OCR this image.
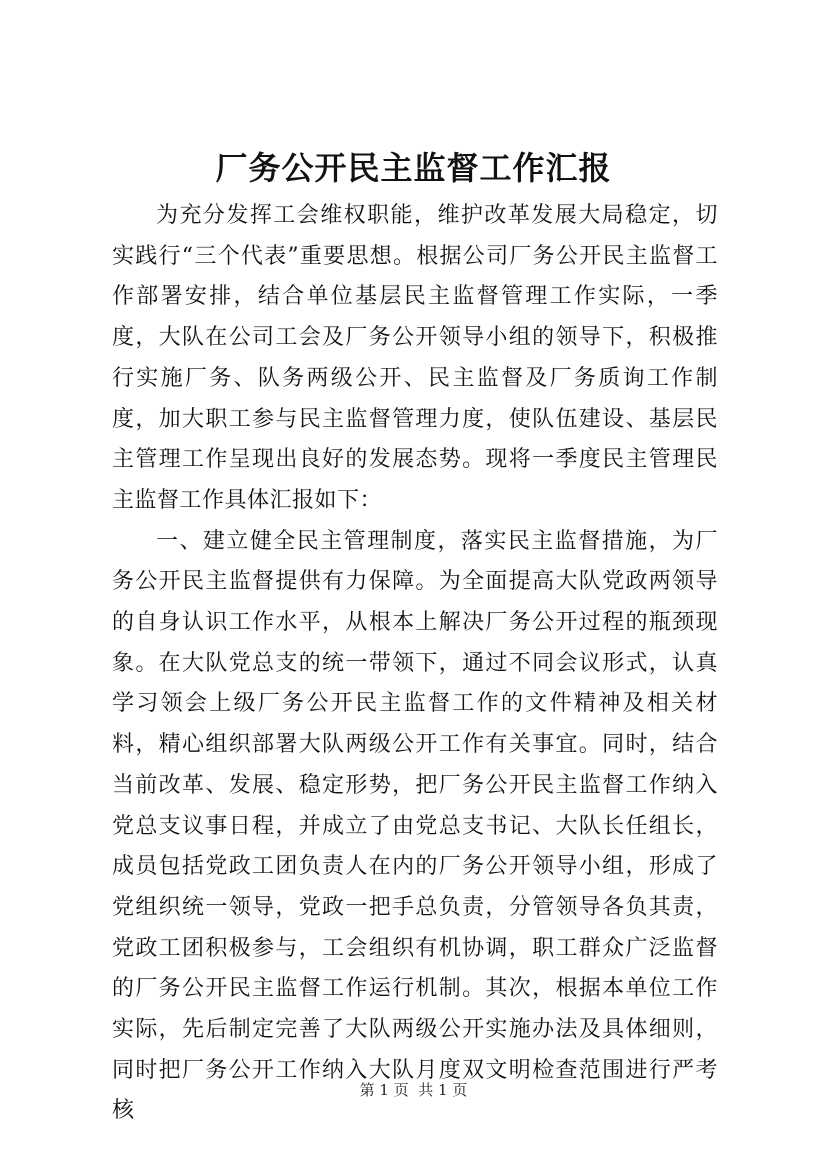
厂务公开民主监督工作汇报

为充分发挥工会维权职能，维护改革发展大局稳定，切实践行“三个代表”重要思想。根据公司厂务公开民主监督工作部署安排，结合单位基层民主监督管理工作实际，一季度，大队在公司工会及厂务公开领导小组的领导下，积极推行实施厂务、队务两级公开、民主监督及厂务质询工作制度，加大职工参与民主监督管理力度，使队伍建设、基层民主管理工作呈现出良好的发展态势。现将一季度民主管理民主监督工作具体汇报如下：

一、建立健全民主管理制度，落实民主监督措施，为厂务公开民主监督提供有力保障。为全面提高大队党政两领导的自身认识工作水平，从根本上解决厂务公开过程的瓶颈现象。在大队党总支的统一带领下，通过不同会议形式，认真学习领会上级厂务公开民主监督工作的文件精神及相关材料，精心组织部署大队两级公开工作有关事宜。同时，结合当前改革、发展、稳定形势，把厂务公开民主监督工作纳入党总支议事日程，并成立了由党总支书记、大队长任组长，成员包括党政工团负责人在内的厂务公开领导小组，形成了党组织统一领导，党政一把手总负责，分管领导各负其责，党政工团积极参与，工会组织有机协调，职工群众广泛监督的厂务公开民主监督工作运行机制。其次，根据本单位工作实际，先后制定完善了大队两级公开实施办法及具体细则，同时把厂务公开工作纳入大队月度双文明检查范围进行严考核

第 1 页  共 1 页
